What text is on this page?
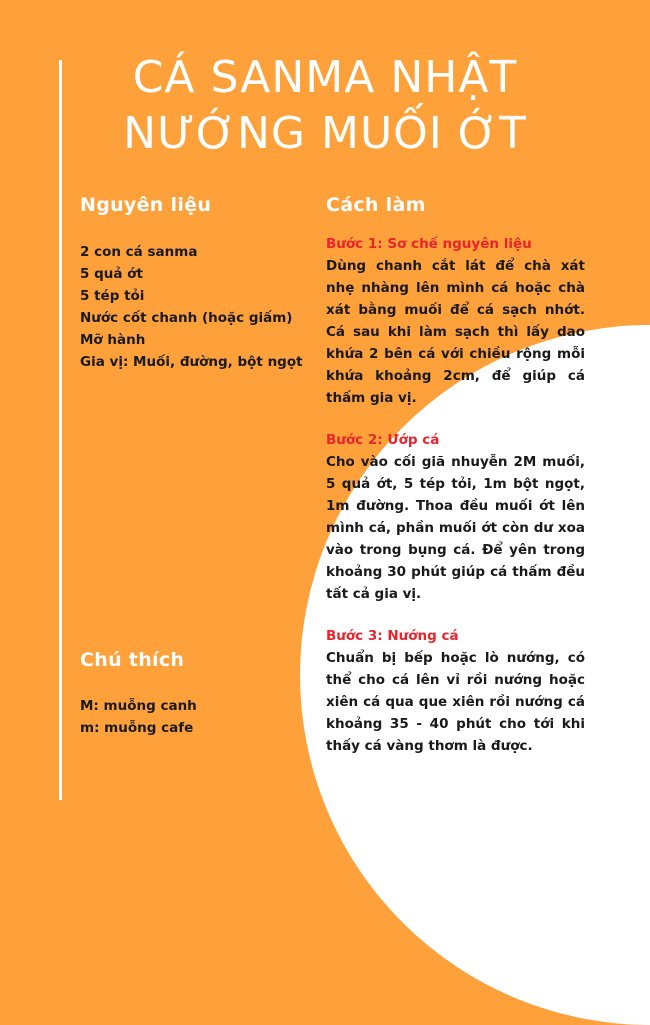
CÁ SANMA NHẬT
NƯỚNG MUỐI ỚT
Nguyên liệu
2 con cá sanma
5 quả ớt
5 tép tỏi
Nước cốt chanh (hoặc giấm)
Mỡ hành
Gia vị: Muối, đường, bột ngọt
Chú thích
M: muỗng canh
m: muỗng cafe
Cách làm
Bước 1: Sơ chế nguyên liệu

Dùng chanh cắt lát để chà xát nhẹ nhàng lên mình cá hoặc chà xát bằng muối để cá sạch nhớt. Cá sau khi làm sạch thì lấy dao khứa 2 bên cá với chiều rộng mỗi khứa khoảng 2cm, để giúp cá thấm gia vị.

Bước 2: Ướp cá

Cho vào cối giã nhuyễn 2M muối, 5 quả ớt, 5 tép tỏi, 1m bột ngọt, 1m đường. Thoa đều muối ớt lên mình cá, phần muối ớt còn dư xoa vào trong bụng cá. Để yên trong khoảng 30 phút giúp cá thấm đều tất cả gia vị.

Bước 3: Nướng cá

Chuẩn bị bếp hoặc lò nướng, có thể cho cá lên vỉ rồi nướng hoặc xiên cá qua que xiên rồi nướng cá khoảng 35 - 40 phút cho tới khi thấy cá vàng thơm là được.
